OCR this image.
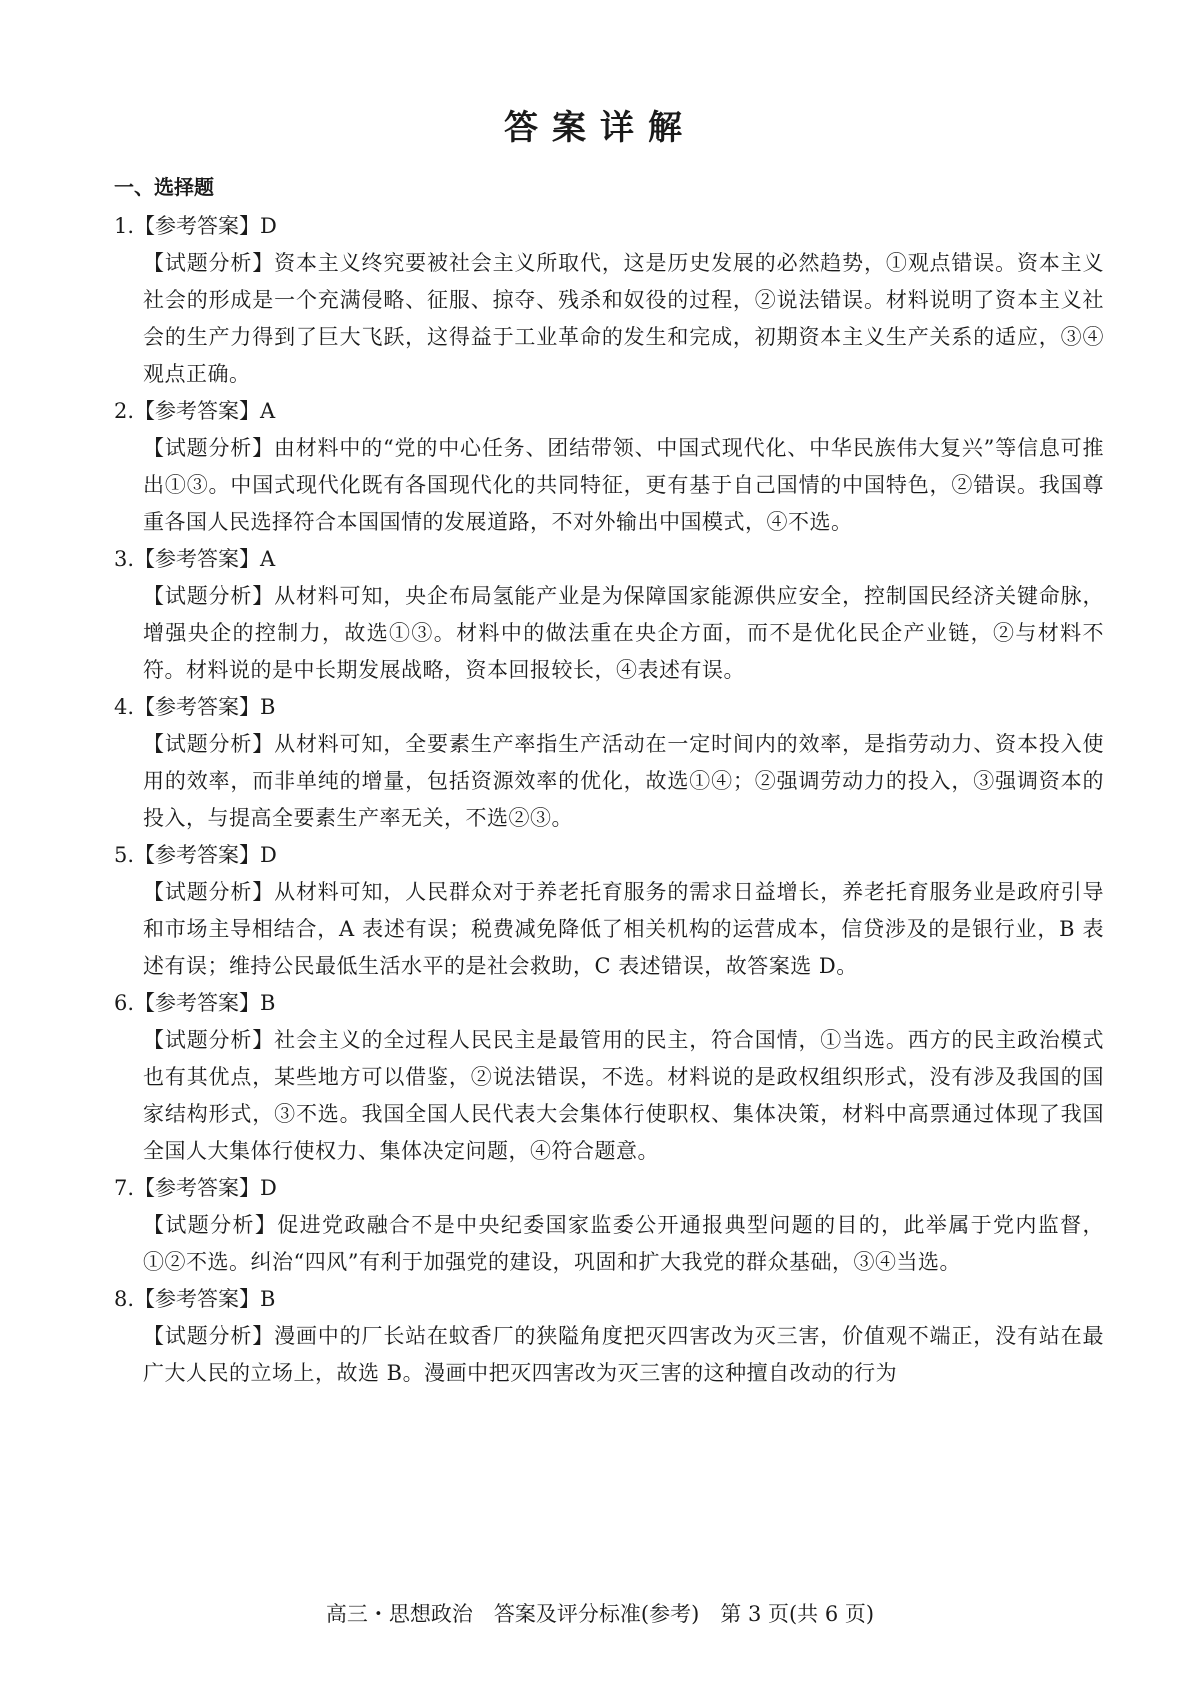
答案详解
一、选择题
1.【参考答案】D
【试题分析】资本主义终究要被社会主义所取代，这是历史发展的必然趋势，①观点错误。资本主义社会的形成是一个充满侵略、征服、掠夺、残杀和奴役的过程，②说法错误。材料说明了资本主义社会的生产力得到了巨大飞跃，这得益于工业革命的发生和完成，初期资本主义生产关系的适应，③④观点正确。
2.【参考答案】A
【试题分析】由材料中的“党的中心任务、团结带领、中国式现代化、中华民族伟大复兴”等信息可推出①③。中国式现代化既有各国现代化的共同特征，更有基于自己国情的中国特色，②错误。我国尊重各国人民选择符合本国国情的发展道路，不对外输出中国模式，④不选。
3.【参考答案】A
【试题分析】从材料可知，央企布局氢能产业是为保障国家能源供应安全，控制国民经济关键命脉，增强央企的控制力，故选①③。材料中的做法重在央企方面，而不是优化民企产业链，②与材料不符。材料说的是中长期发展战略，资本回报较长，④表述有误。
4.【参考答案】B
【试题分析】从材料可知，全要素生产率指生产活动在一定时间内的效率，是指劳动力、资本投入使用的效率，而非单纯的增量，包括资源效率的优化，故选①④；②强调劳动力的投入，③强调资本的投入，与提高全要素生产率无关，不选②③。
5.【参考答案】D
【试题分析】从材料可知，人民群众对于养老托育服务的需求日益增长，养老托育服务业是政府引导和市场主导相结合，A 表述有误；税费减免降低了相关机构的运营成本，信贷涉及的是银行业，B 表述有误；维持公民最低生活水平的是社会救助，C 表述错误，故答案选 D。
6.【参考答案】B
【试题分析】社会主义的全过程人民民主是最管用的民主，符合国情，①当选。西方的民主政治模式也有其优点，某些地方可以借鉴，②说法错误，不选。材料说的是政权组织形式，没有涉及我国的国家结构形式，③不选。我国全国人民代表大会集体行使职权、集体决策，材料中高票通过体现了我国全国人大集体行使权力、集体决定问题，④符合题意。
7.【参考答案】D
【试题分析】促进党政融合不是中央纪委国家监委公开通报典型问题的目的，此举属于党内监督，①②不选。纠治“四风”有利于加强党的建设，巩固和扩大我党的群众基础，③④当选。
8.【参考答案】B
【试题分析】漫画中的厂长站在蚊香厂的狭隘角度把灭四害改为灭三害，价值观不端正，没有站在最广大人民的立场上，故选 B。漫画中把灭四害改为灭三害的这种擅自改动的行为
高三・思想政治　答案及评分标准(参考)　第 3 页(共 6 页)
